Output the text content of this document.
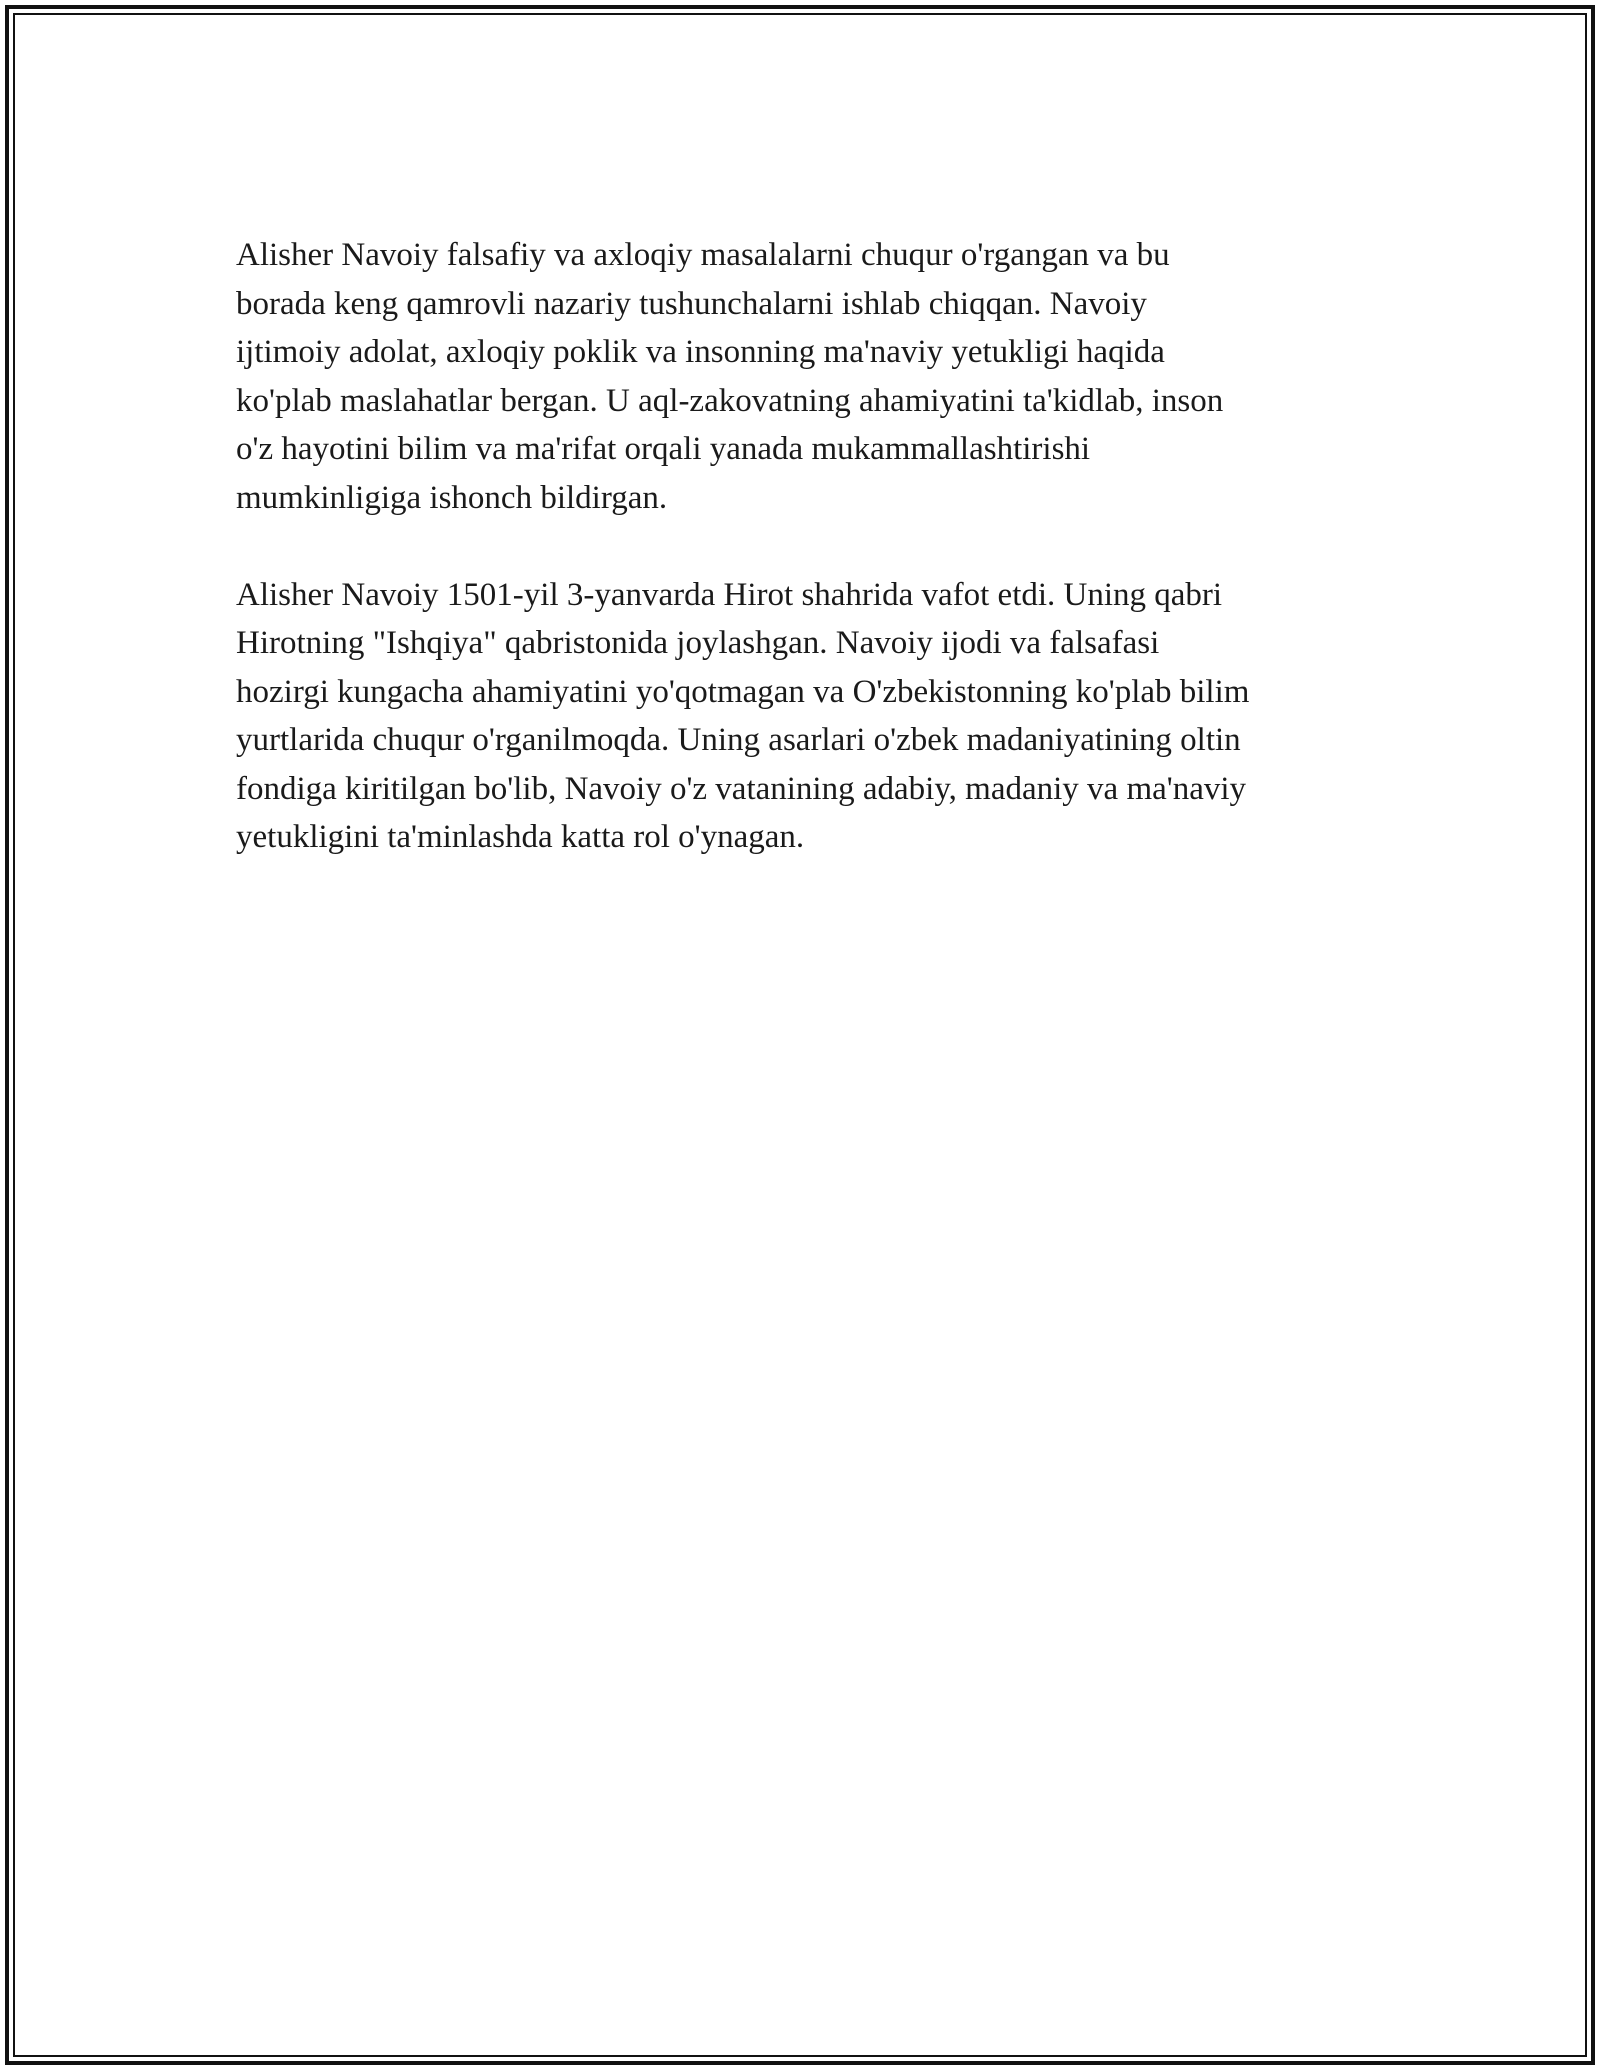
Alisher Navoiy falsafiy va axloqiy masalalarni chuqur o'rgangan va bu
borada keng qamrovli nazariy tushunchalarni ishlab chiqqan. Navoiy
ijtimoiy adolat, axloqiy poklik va insonning ma'naviy yetukligi haqida
ko'plab maslahatlar bergan. U aql-zakovatning ahamiyatini ta'kidlab, inson
o'z hayotini bilim va ma'rifat orqali yanada mukammallashtirishi
mumkinligiga ishonch bildirgan.

Alisher Navoiy 1501-yil 3-yanvarda Hirot shahrida vafot etdi. Uning qabri
Hirotning "Ishqiya" qabristonida joylashgan. Navoiy ijodi va falsafasi
hozirgi kungacha ahamiyatini yo'qotmagan va O'zbekistonning ko'plab bilim
yurtlarida chuqur o'rganilmoqda. Uning asarlari o'zbek madaniyatining oltin
fondiga kiritilgan bo'lib, Navoiy o'z vatanining adabiy, madaniy va ma'naviy
yetukligini ta'minlashda katta rol o'ynagan.
